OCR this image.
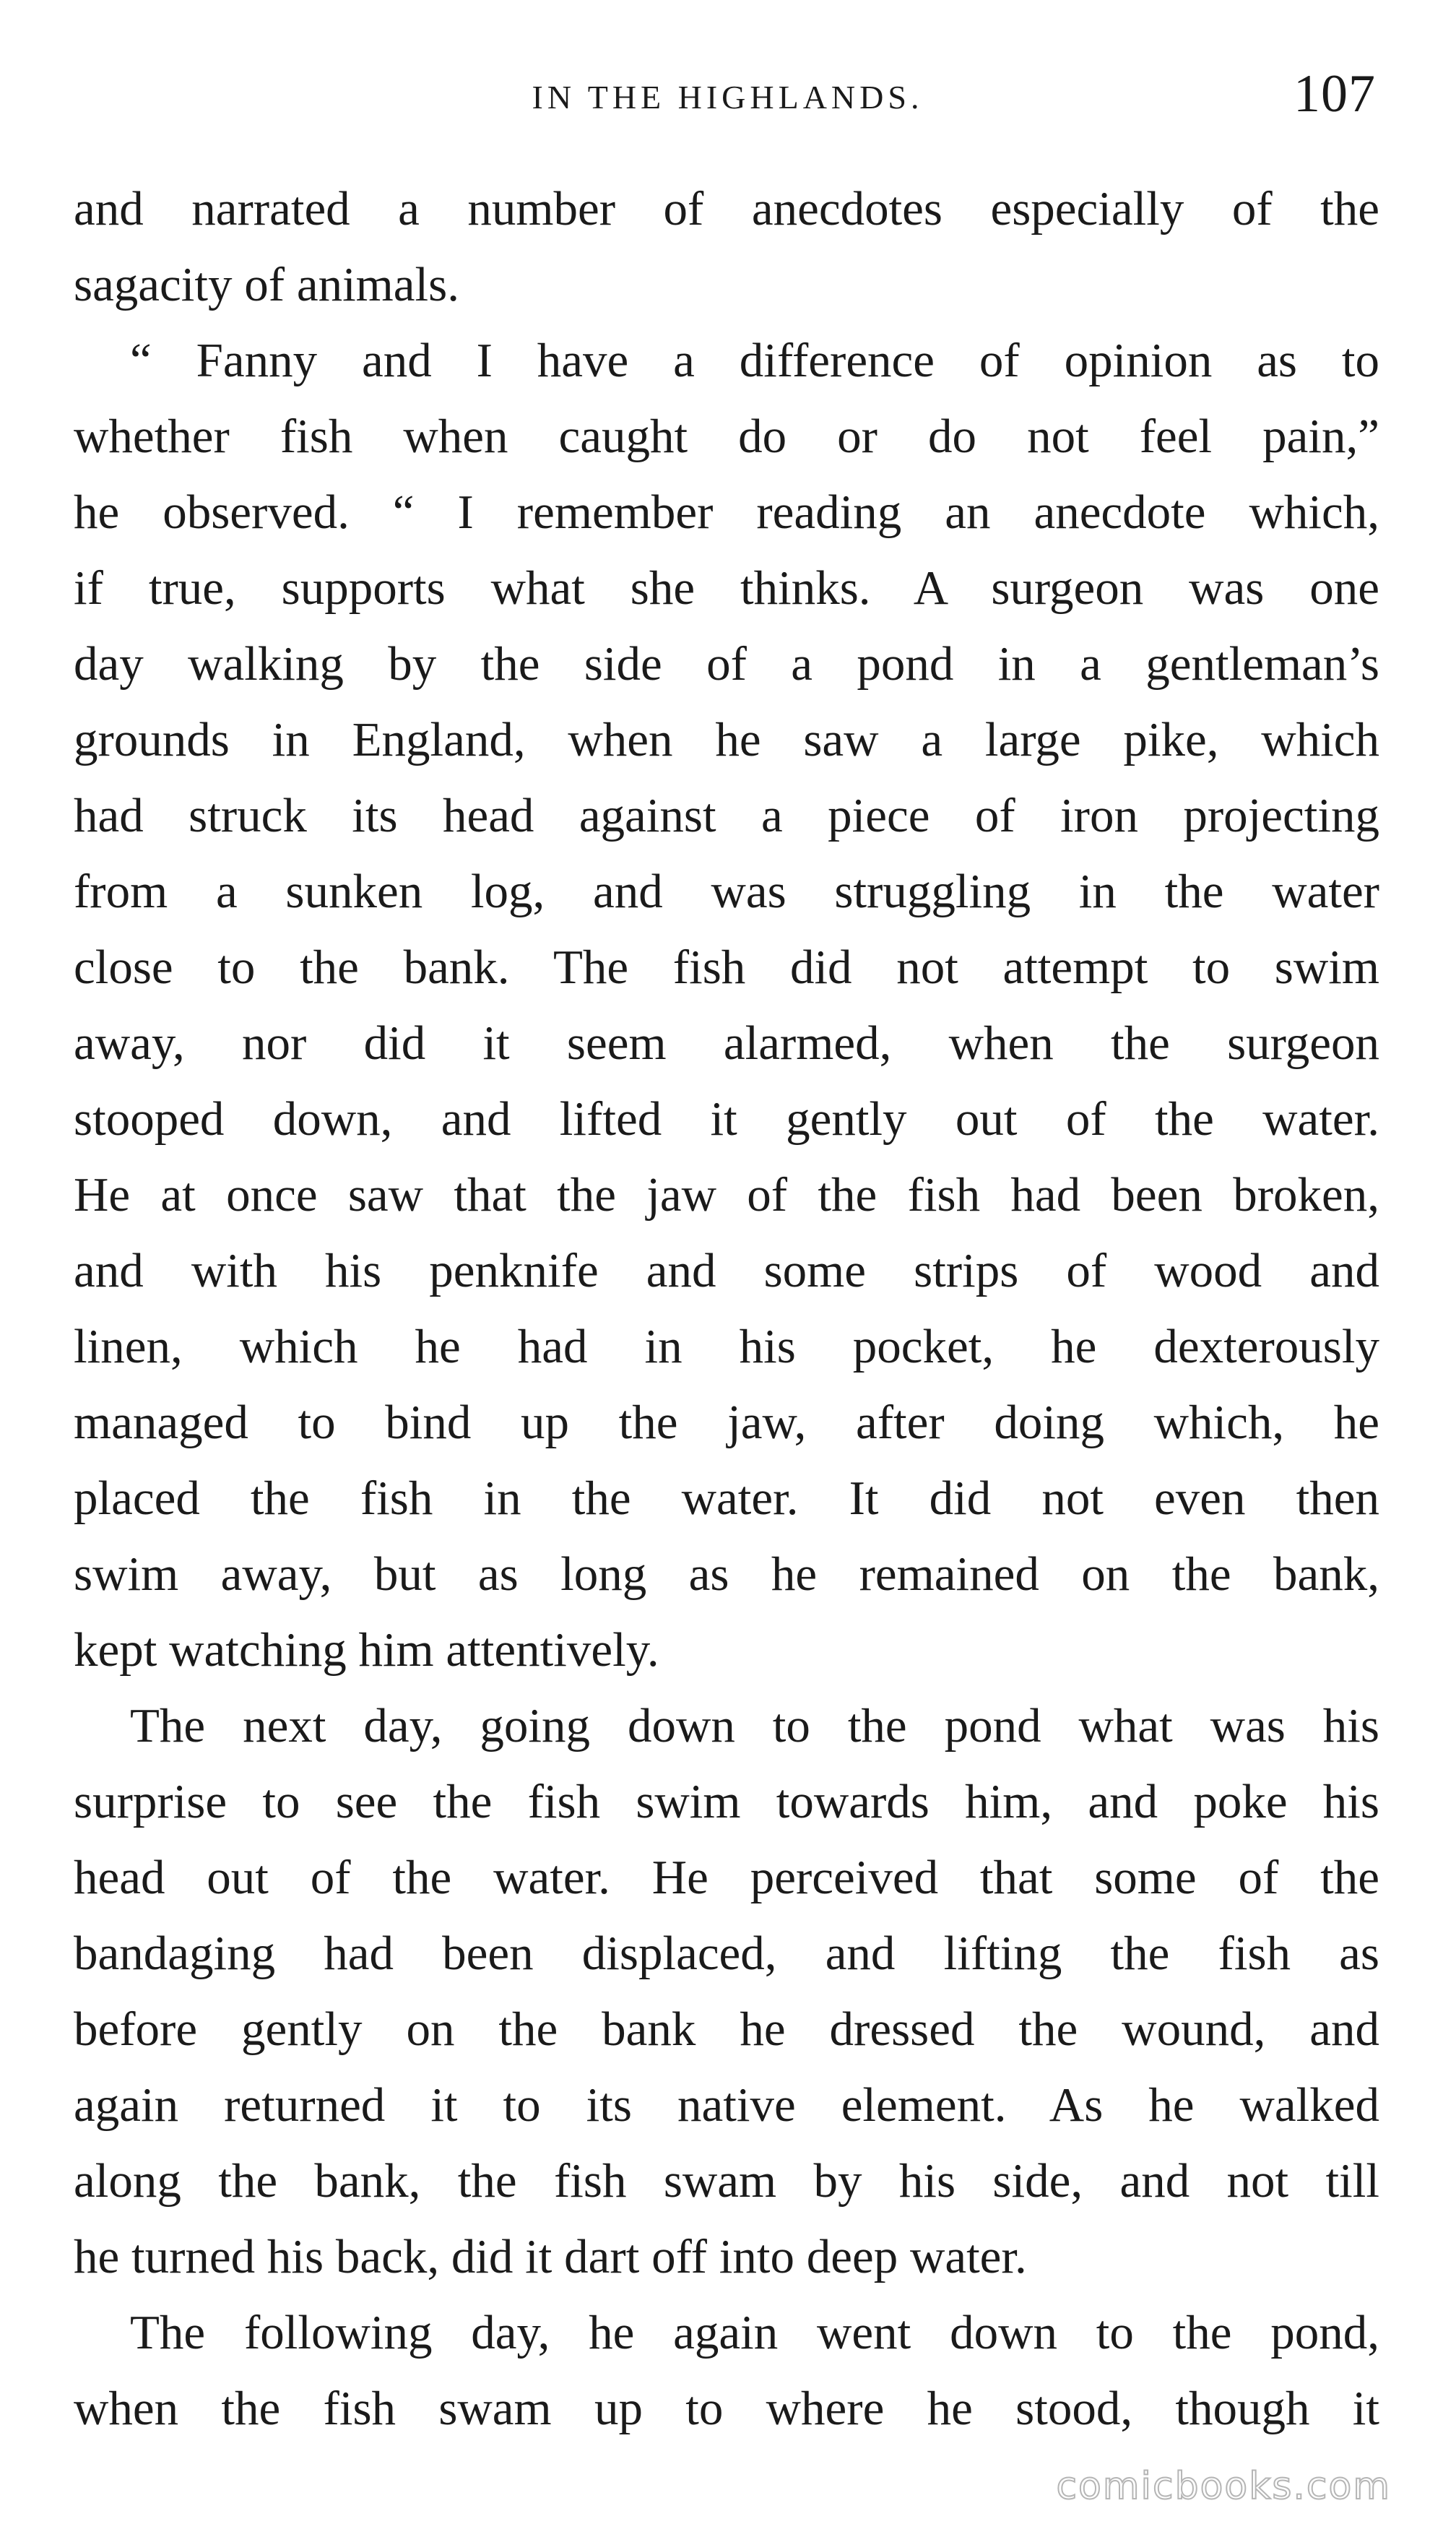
IN THE HIGHLANDS.	107
and narrated a number of anecdotes especially of the
sagacity of animals.
“ Fanny and I have a difference of opinion as to
whether fish when caught do or do not feel pain,”
he observed. “ I remember reading an anecdote which,
if true, supports what she thinks. A surgeon was one
day walking by the side of a pond in a gentleman’s
grounds in England, when he saw a large pike, which
had struck its head against a piece of iron projecting
from a sunken log, and was struggling in the water
close to the bank. The fish did not attempt to swim
away, nor did it seem alarmed, when the surgeon
stooped down, and lifted it gently out of the water.
He at once saw that the jaw of the fish had been broken,
and with his penknife and some strips of wood and
linen, which he had in his pocket, he dexterously
managed to bind up the jaw, after doing which, he
placed the fish in the water. It did not even then
swim away, but as long as he remained on the bank,
kept watching him attentively.
The next day, going down to the pond what was his
surprise to see the fish swim towards him, and poke his
head out of the water. He perceived that some of the
bandaging had been displaced, and lifting the fish as
before gently on the bank he dressed the wound, and
again returned it to its native element. As he walked
along the bank, the fish swam by his side, and not till
he turned his back, did it dart off into deep water.
The following day, he again went down to the pond,
when the fish swam up to where he stood, though it
comicbooks.com
